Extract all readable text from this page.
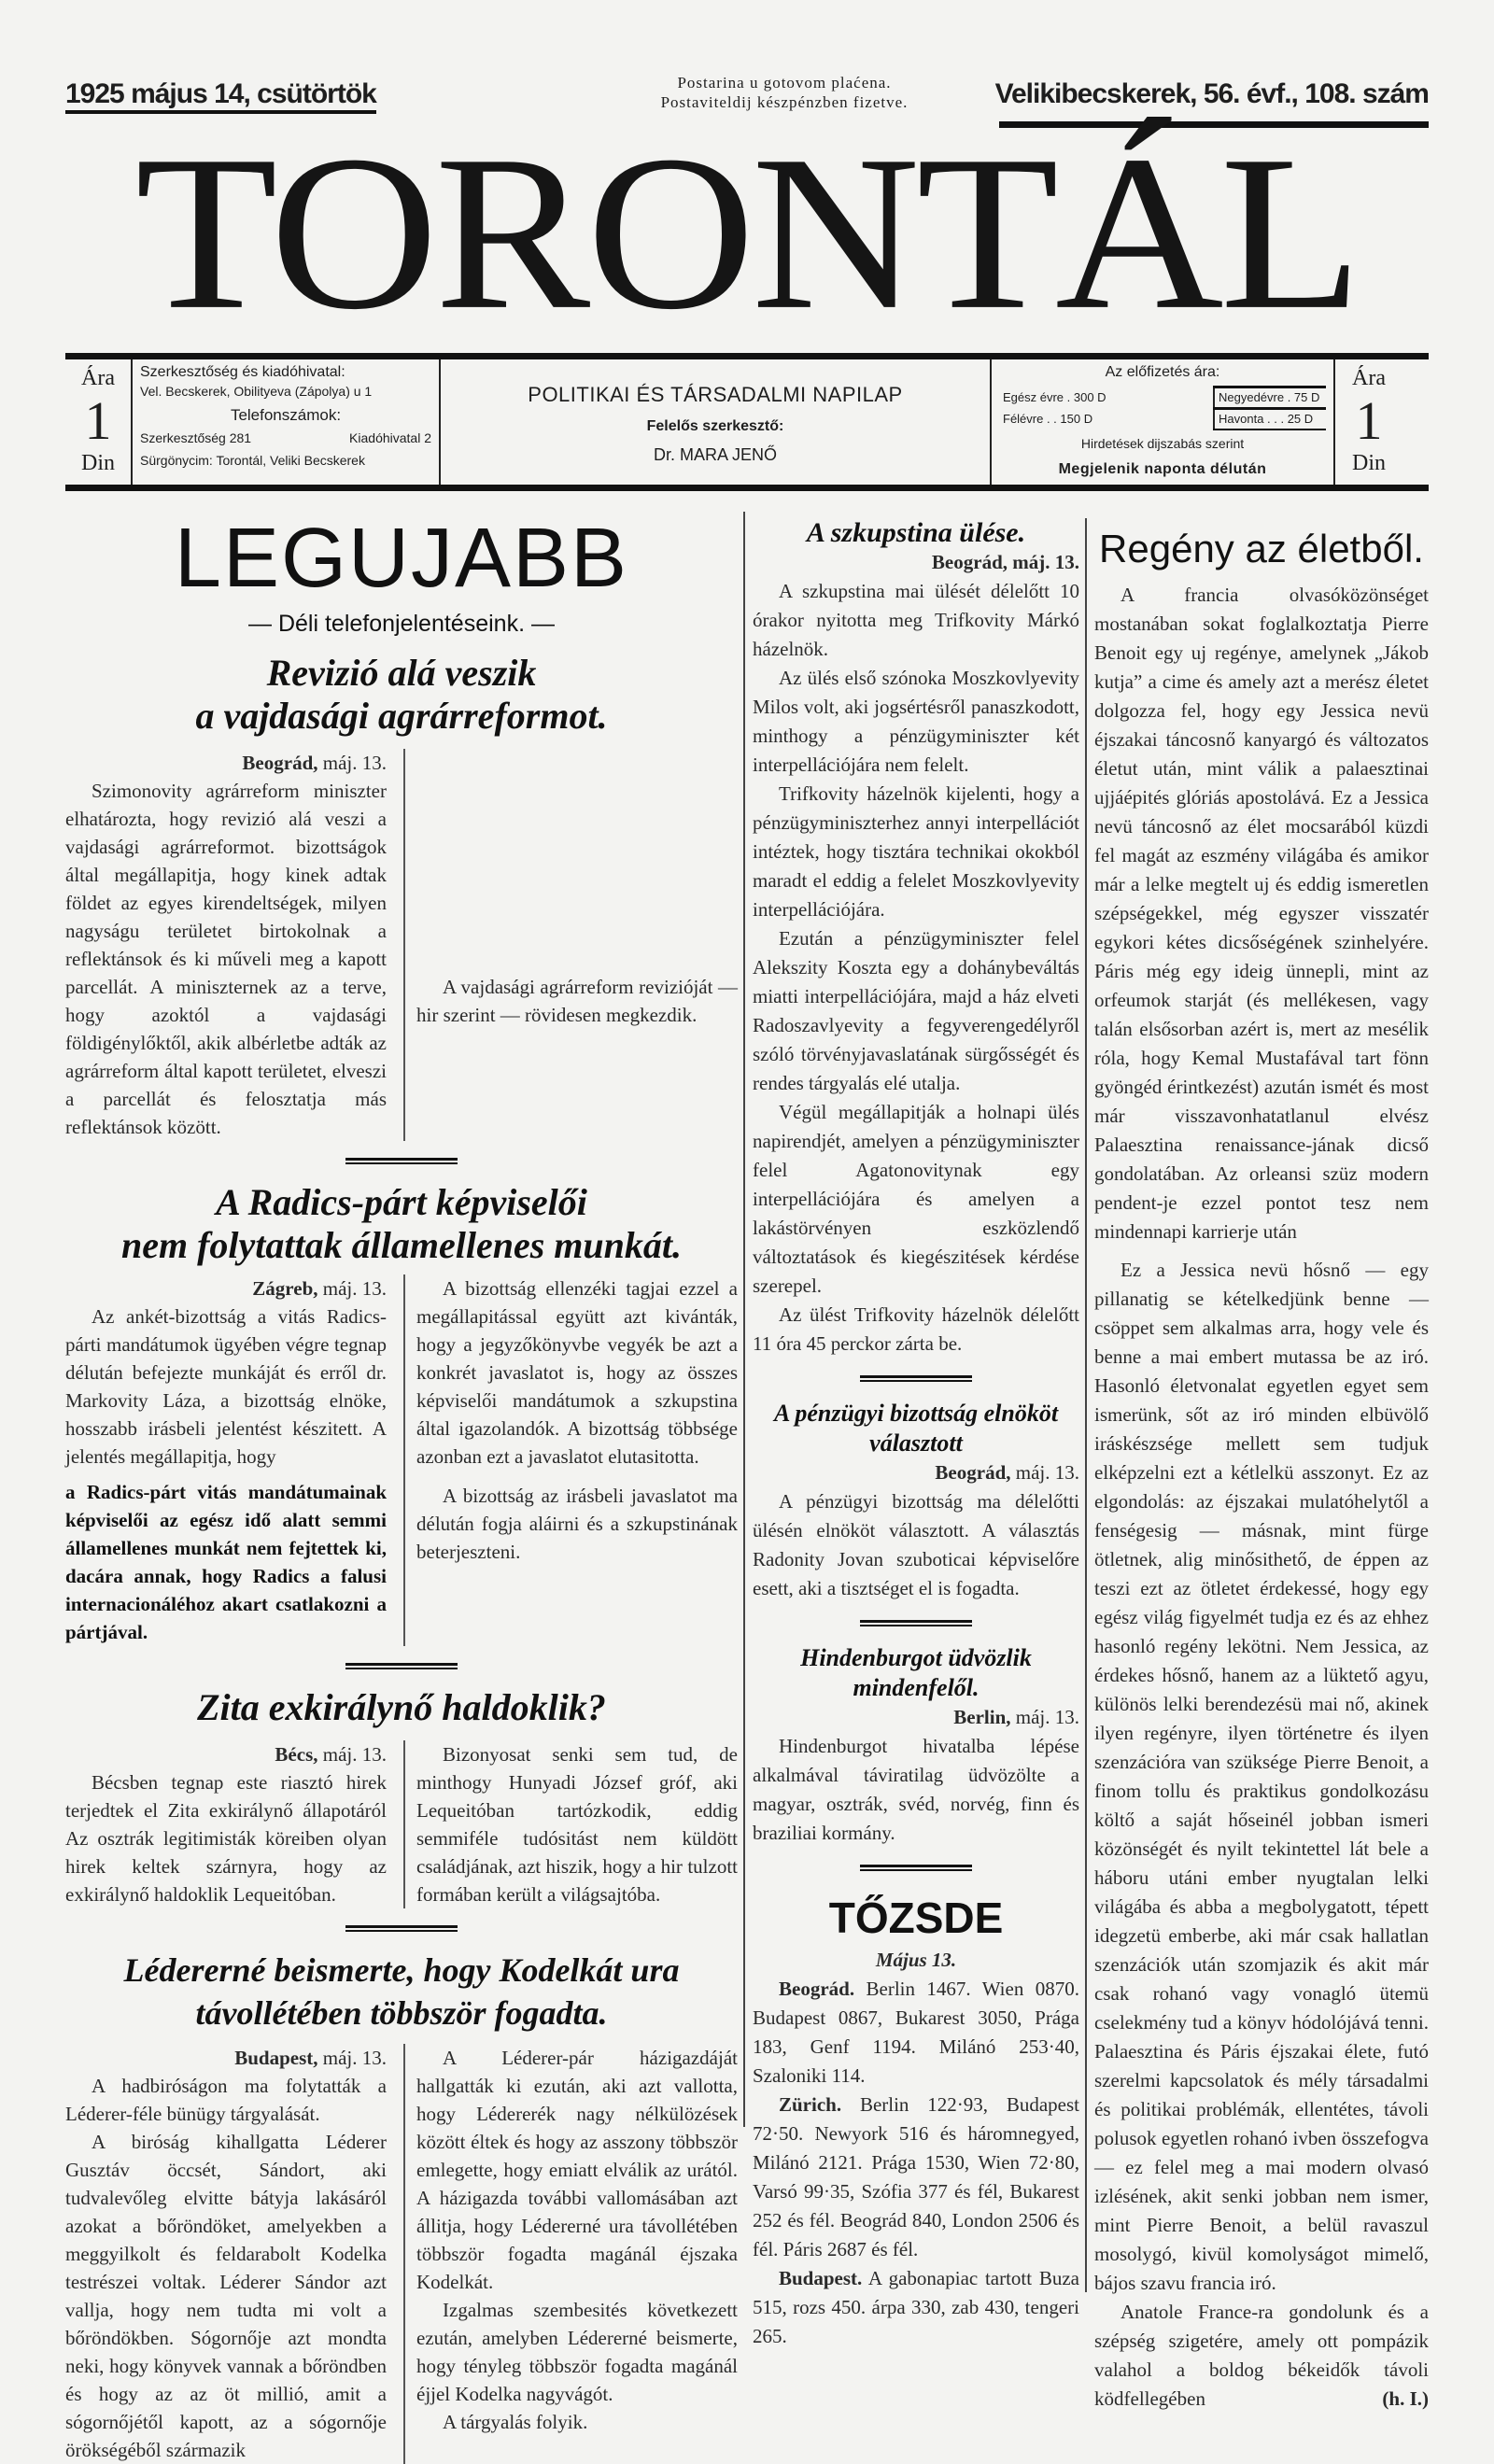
1925 május 14, csütörtök	Postarina u gotovom plaćena.
Postaviteldij készpénzben fizetve.	Velikibecskerek, 56. évf., 108. szám
TORONTÁL
Ára
1
Din
Szerkesztőség és kiadóhivatal:
Vel. Becskerek, Obilityeva (Zápolya) u 1
Telefonszámok:
Szerkesztőség 281	Kiadóhivatal 2
Sürgönycim: Torontál, Veliki Becskerek
POLITIKAI ÉS TÁRSADALMI NAPILAP
Felelős szerkesztő:
Dr. MARA JENŐ
Az előfizetés ára:
Egész évre . 300 D	Negyedévre . 75 D
Félévre . . 150 D	Havonta . . . 25 D
Hirdetések dijszabás szerint
Megjelenik naponta délután
Ára
1
Din
LEGUJABB
— Déli telefonjelentéseink. —
Revizió alá veszik
a vajdasági agrárreformot.
Beográd, máj. 13.

Szimonovity agrárreform miniszter elhatározta, hogy revizió alá veszi a vajdasági agrárreformot. bizottságok által megállapitja, hogy kinek adtak földet az egyes kirendeltségek, milyen nagyságu területet birtokolnak a reflektánsok és ki műveli meg a kapott parcellát. A miniszternek az a terve, hogy azoktól a vajdasági földigénylőktől, akik albérletbe adták az agrárreform által kapott területet, elveszi a parcellát és felosztatja más reflektánsok között.

A vajdasági agrárreform revizióját — hir szerint — rövidesen megkezdik.

A Radics-párt képviselői
nem folytattak államellenes munkát.
Zágreb, máj. 13.

Az ankét-bizottság a vitás Radics-párti mandátumok ügyében végre tegnap délután befejezte munkáját és erről dr. Markovity Láza, a bizottság elnöke, hosszabb irásbeli jelentést készitett. A jelentés megállapitja, hogy

a Radics-párt vitás mandátumainak képviselői az egész idő alatt semmi államellenes munkát nem fejtettek ki, dacára annak, hogy Radics a falusi internacionáléhoz akart csatlakozni a pártjával.

A bizottság ellenzéki tagjai ezzel a megállapitással együtt azt kivánták, hogy a jegyzőkönyvbe vegyék be azt a konkrét javaslatot is, hogy az összes képviselői mandátumok a szkupstina által igazolandók. A bizottság többsége azonban ezt a javaslatot elutasitotta.

A bizottság az irásbeli javaslatot ma délután fogja aláirni és a szkupstinának beterjeszteni.

Zita exkirálynő haldoklik?
Bécs, máj. 13.

Bécsben tegnap este riasztó hirek terjedtek el Zita exkirálynő állapotáról Az osztrák legitimisták köreiben olyan hirek keltek szárnyra, hogy az exkirálynő haldoklik Lequeitóban.

Bizonyosat senki sem tud, de minthogy Hunyadi József gróf, aki Lequeitóban tartózkodik, eddig semmiféle tudósitást nem küldött családjának, azt hiszik, hogy a hir tulzott formában került a világsajtóba.

Lédererné beismerte, hogy Kodelkát ura
távollétében többször fogadta.
Budapest, máj. 13.

A hadbiróságon ma folytatták a Léderer-féle bünügy tárgyalását.

A biróság kihallgatta Léderer Gusztáv öccsét, Sándort, aki tudvalevőleg elvitte bátyja lakásáról azokat a bőröndöket, amelyekben a meggyilkolt és feldarabolt Kodelka testrészei voltak. Léderer Sándor azt vallja, hogy nem tudta mi volt a bőröndökben. Sógornője azt mondta neki, hogy könyvek vannak a bőröndben és hogy az az öt millió, amit a sógornőjétől kapott, az a sógornője örökségéből származik

A Léderer-pár házigazdáját hallgatták ki ezután, aki azt vallotta, hogy Lédererék nagy nélkülözések között éltek és hogy az asszony többször emlegette, hogy emiatt elválik az urától. A házigazda további vallomásában azt állitja, hogy Lédererné ura távollétében többször fogadta magánál éjszaka Kodelkát.

Izgalmas szembesités következett ezután, amelyben Lédererné beismerte, hogy tényleg többször fogadta magánál éjjel Kodelka nagyvágót.

A tárgyalás folyik.

A szkupstina ülése.
Beográd, máj. 13.

A szkupstina mai ülését délelőtt 10 órakor nyitotta meg Trifkovity Márkó házelnök.

Az ülés első szónoka Moszkovlyevity Milos volt, aki jogsértésről panaszkodott, minthogy a pénzügyminiszter két interpellációjára nem felelt.

Trifkovity házelnök kijelenti, hogy a pénzügyminiszterhez annyi interpellációt intéztek, hogy tisztára technikai okokból maradt el eddig a felelet Moszkovlyevity interpellációjára.

Ezután a pénzügyminiszter felel Alekszity Koszta egy a dohánybeváltás miatti interpellációjára, majd a ház elveti Radoszavlyevity a fegyverengedélyről szóló törvényjavaslatának sürgősségét és rendes tárgyalás elé utalja.

Végül megállapitják a holnapi ülés napirendjét, amelyen a pénzügyminiszter felel Agatonovitynak egy interpellációjára és amelyen a lakástörvényen eszközlendő változtatások és kiegészitések kérdése szerepel.

Az ülést Trifkovity házelnök délelőtt 11 óra 45 perckor zárta be.

A pénzügyi bizottság elnököt választott
Beográd, máj. 13.

A pénzügyi bizottság ma délelőtti ülésén elnököt választott. A választás Radonity Jovan szuboticai képviselőre esett, aki a tisztséget el is fogadta.

Hindenburgot üdvözlik mindenfelől.
Berlin, máj. 13.

Hindenburgot hivatalba lépése alkalmával táviratilag üdvözölte a magyar, osztrák, svéd, norvég, finn és braziliai kormány.

TŐZSDE
Május 13.

Beográd. Berlin 1467. Wien 0870. Budapest 0867, Bukarest 3050, Prága 183, Genf 1194. Milánó 253·40, Szaloniki 114.

Zürich. Berlin 122·93, Budapest 72·50. Newyork 516 és háromnegyed, Milánó 2121. Prága 1530, Wien 72·80, Varsó 99·35, Szófia 377 és fél, Bukarest 252 és fél. Beográd 840, London 2506 és fél. Páris 2687 és fél.

Budapest. A gabonapiac tartott Buza 515, rozs 450. árpa 330, zab 430, tengeri 265.

Regény az életből.

A francia olvasóközönséget mostanában sokat foglalkoztatja Pierre Benoit egy uj regénye, amelynek „Jákob kutja” a cime és amely azt a merész életet dolgozza fel, hogy egy Jessica nevü éjszakai táncosnő kanyargó és változatos életut után, mint válik a palaesztinai ujjáépités glóriás apostolává. Ez a Jessica nevü táncosnő az élet mocsarából küzdi fel magát az eszmény világába és amikor már a lelke megtelt uj és eddig ismeretlen szépségekkel, még egyszer visszatér egykori kétes dicsőségének szinhelyére. Páris még egy ideig ünnepli, mint az orfeumok starját (és mellékesen, vagy talán elsősorban azért is, mert az mesélik róla, hogy Kemal Mustafával tart fönn gyöngéd érintkezést) azután ismét és most már visszavonhatatlanul elvész Palaesztina renaissance-jának dicső gondolatában. Az orleansi szüz modern pendent-je ezzel pontot tesz nem mindennapi karrierje után

Ez a Jessica nevü hősnő — egy pillanatig se kételkedjünk benne — csöppet sem alkalmas arra, hogy vele és benne a mai embert mutassa be az iró. Hasonló életvonalat egyetlen egyet sem ismerünk, sőt az iró minden elbüvölő iráskészsége mellett sem tudjuk elképzelni ezt a kétlelkü asszonyt. Ez az elgondolás: az éjszakai mulatóhelytől a fenségesig — másnak, mint fürge ötletnek, alig minősithető, de éppen az teszi ezt az ötletet érdekessé, hogy egy egész világ figyelmét tudja ez és az ehhez hasonló regény lekötni. Nem Jessica, az érdekes hősnő, hanem az a lüktető agyu, különös lelki berendezésü mai nő, akinek ilyen regényre, ilyen történetre és ilyen szenzációra van szüksége Pierre Benoit, a finom tollu és praktikus gondolkozásu költő a saját hőseinél jobban ismeri közönségét és nyilt tekintettel lát bele a háboru utáni ember nyugtalan lelki világába és abba a megbolygatott, tépett idegzetü emberbe, aki már csak hallatlan szenzációk után szomjazik és akit már csak rohanó vagy vonagló ütemü cselekmény tud a könyv hódolójává tenni. Palaesztina és Páris éjszakai élete, futó szerelmi kapcsolatok és mély társadalmi és politikai problémák, ellentétes, távoli polusok egyetlen rohanó ivben összefogva — ez felel meg a mai modern olvasó izlésének, akit senki jobban nem ismer, mint Pierre Benoit, a belül ravaszul mosolygó, kivül komolyságot mimelő, bájos szavu francia iró.

Anatole France-ra gondolunk és a szépség szigetére, amely ott pompázik valahol a boldog békeidők távoli ködfellegében	(h. I.)
